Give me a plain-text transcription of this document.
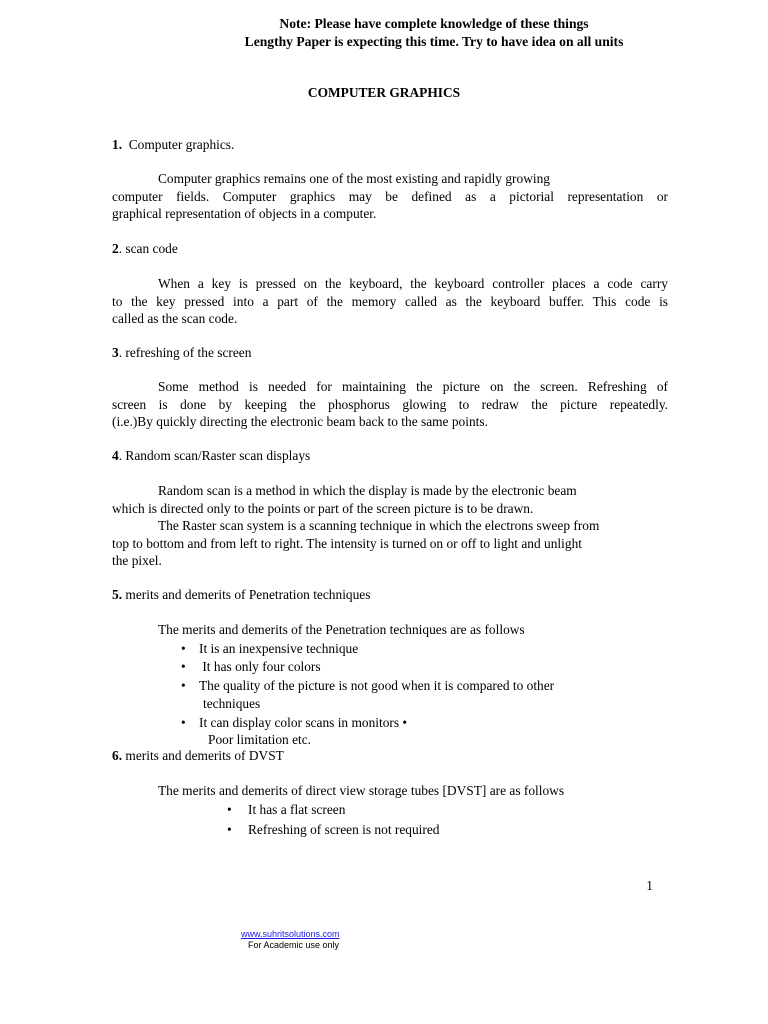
Note: Please have complete knowledge of these things
Lengthy Paper is expecting this time. Try to have idea on all units
COMPUTER GRAPHICS
1. Computer graphics.
Computer graphics remains one of the most existing and rapidly growing
computer fields. Computer graphics may be defined as a pictorial representation or
graphical representation of objects in a computer.
2. scan code
When a key is pressed on the keyboard, the keyboard controller places a code carry
to the key pressed into a part of the memory called as the keyboard buffer. This code is
called as the scan code.
3. refreshing of the screen
Some method is needed for maintaining the picture on the screen. Refreshing of
screen is done by keeping the phosphorus glowing to redraw the picture repeatedly.
(i.e.)By quickly directing the electronic beam back to the same points.
4. Random scan/Raster scan displays
Random scan is a method in which the display is made by the electronic beam
which is directed only to the points or part of the screen picture is to be drawn.
The Raster scan system is a scanning technique in which the electrons sweep from
top to bottom and from left to right. The intensity is turned on or off to light and unlight
the pixel.
5. merits and demerits of Penetration techniques
The merits and demerits of the Penetration techniques are as follows
• It is an inexpensive technique
• It has only four colors
• The quality of the picture is not good when it is compared to other
techniques
• It can display color scans in monitors •
Poor limitation etc.
6. merits and demerits of DVST
The merits and demerits of direct view storage tubes [DVST] are as follows
• It has a flat screen
• Refreshing of screen is not required
1
www.suhritsolutions.com
For Academic use only
